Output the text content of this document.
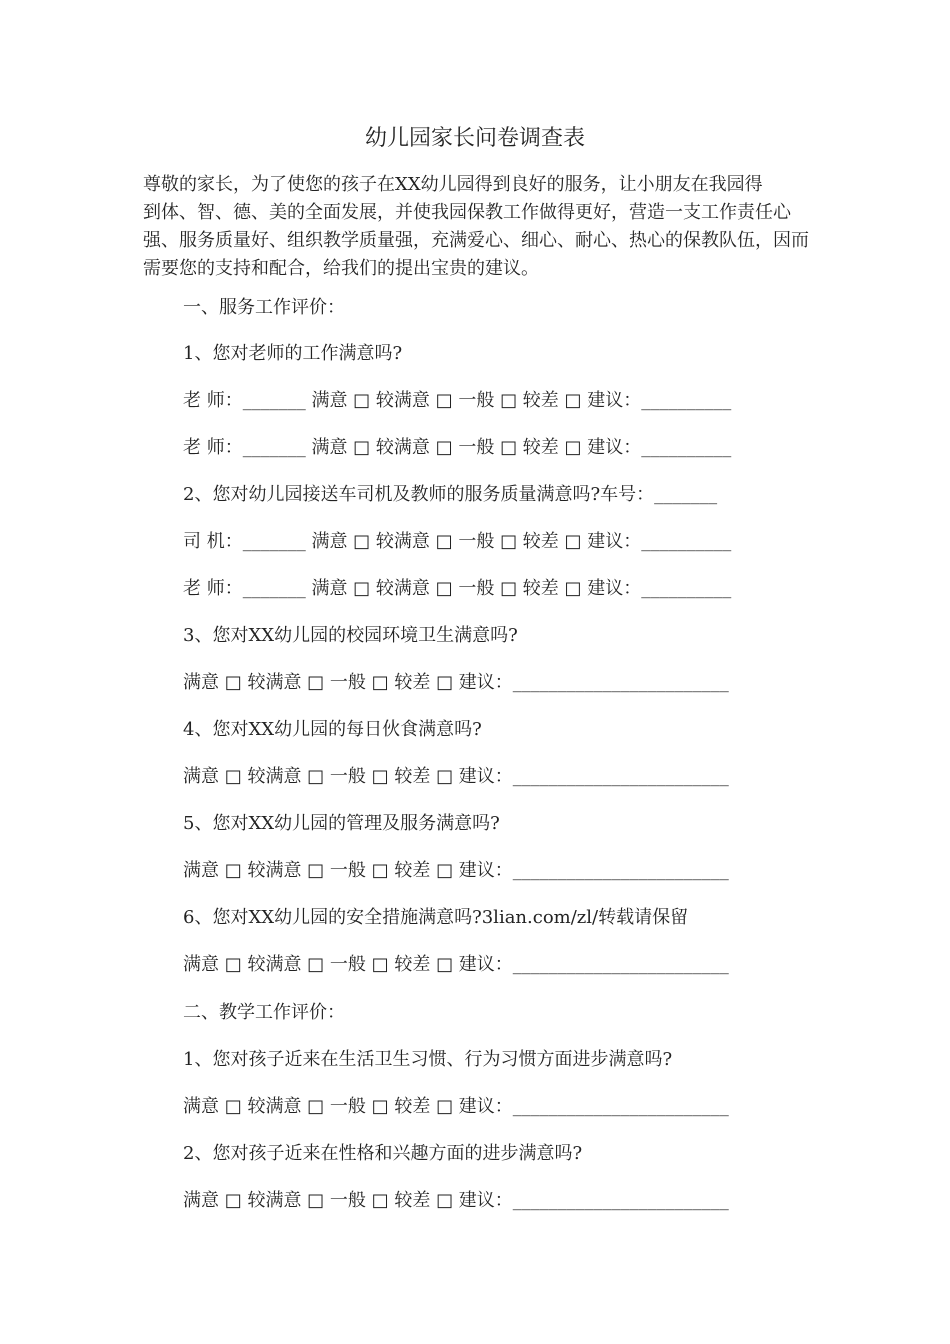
幼儿园家长问卷调查表
尊敬的家长，为了使您的孩子在XX幼儿园得到良好的服务，让小朋友在我园得
到体、智、德、美的全面发展，并使我园保教工作做得更好，营造一支工作责任心
强、服务质量好、组织教学质量强，充满爱心、细心、耐心、热心的保教队伍，因而
需要您的支持和配合，给我们的提出宝贵的建议。
一、服务工作评价：
1、您对老师的工作满意吗?
老 师：_______ 满意 □ 较满意 □ 一般 □ 较差 □ 建议：__________
老 师：_______ 满意 □ 较满意 □ 一般 □ 较差 □ 建议：__________
2、您对幼儿园接送车司机及教师的服务质量满意吗?车号：_______
司 机：_______ 满意 □ 较满意 □ 一般 □ 较差 □ 建议：__________
老 师：_______ 满意 □ 较满意 □ 一般 □ 较差 □ 建议：__________
3、您对XX幼儿园的校园环境卫生满意吗?
满意 □ 较满意 □ 一般 □ 较差 □ 建议：________________________
4、您对XX幼儿园的每日伙食满意吗?
满意 □ 较满意 □ 一般 □ 较差 □ 建议：________________________
5、您对XX幼儿园的管理及服务满意吗?
满意 □ 较满意 □ 一般 □ 较差 □ 建议：________________________
6、您对XX幼儿园的安全措施满意吗?3lian.com/zl/转载请保留
满意 □ 较满意 □ 一般 □ 较差 □ 建议：________________________
二、教学工作评价：
1、您对孩子近来在生活卫生习惯、行为习惯方面进步满意吗?
满意 □ 较满意 □ 一般 □ 较差 □ 建议：________________________
2、您对孩子近来在性格和兴趣方面的进步满意吗?
满意 □ 较满意 □ 一般 □ 较差 □ 建议：________________________
